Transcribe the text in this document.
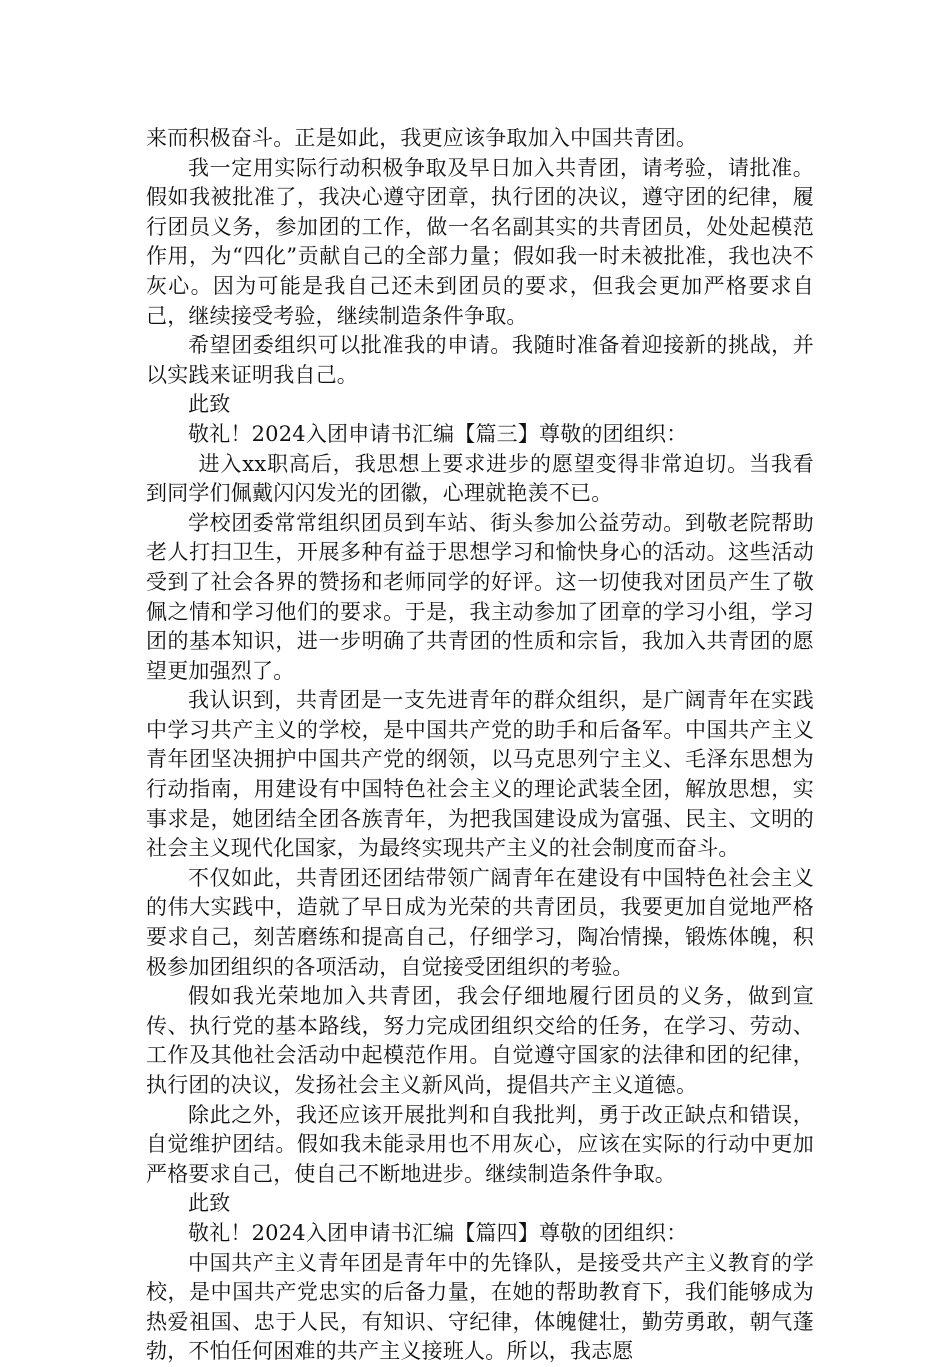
来而积极奋斗。正是如此，我更应该争取加入中国共青团。

我一定用实际行动积极争取及早日加入共青团，请考验，请批准。假如我被批准了，我决心遵守团章，执行团的决议，遵守团的纪律，履行团员义务，参加团的工作，做一名名副其实的共青团员，处处起模范作用，为“四化”贡献自己的全部力量；假如我一时未被批准，我也决不灰心。因为可能是我自己还未到团员的要求，但我会更加严格要求自己，继续接受考验，继续制造条件争取。

希望团委组织可以批准我的申请。我随时准备着迎接新的挑战，并以实践来证明我自己。

此致

敬礼！2024入团申请书汇编【篇三】尊敬的团组织：

进入xx职高后，我思想上要求进步的愿望变得非常迫切。当我看到同学们佩戴闪闪发光的团徽，心理就艳羡不已。

学校团委常常组织团员到车站、街头参加公益劳动。到敬老院帮助老人打扫卫生，开展多种有益于思想学习和愉快身心的活动。这些活动受到了社会各界的赞扬和老师同学的好评。这一切使我对团员产生了敬佩之情和学习他们的要求。于是，我主动参加了团章的学习小组，学习团的基本知识，进一步明确了共青团的性质和宗旨，我加入共青团的愿望更加强烈了。

我认识到，共青团是一支先进青年的群众组织，是广阔青年在实践中学习共产主义的学校，是中国共产党的助手和后备军。中国共产主义青年团坚决拥护中国共产党的纲领，以马克思列宁主义、毛泽东思想为行动指南，用建设有中国特色社会主义的理论武装全团，解放思想，实事求是，她团结全团各族青年，为把我国建设成为富强、民主、文明的社会主义现代化国家，为最终实现共产主义的社会制度而奋斗。

不仅如此，共青团还团结带领广阔青年在建设有中国特色社会主义的伟大实践中，造就了早日成为光荣的共青团员，我要更加自觉地严格要求自己，刻苦磨练和提高自己，仔细学习，陶冶情操，锻炼体魄，积极参加团组织的各项活动，自觉接受团组织的考验。

假如我光荣地加入共青团，我会仔细地履行团员的义务，做到宣传、执行党的基本路线，努力完成团组织交给的任务，在学习、劳动、工作及其他社会活动中起模范作用。自觉遵守国家的法律和团的纪律，执行团的决议，发扬社会主义新风尚，提倡共产主义道德。

除此之外，我还应该开展批判和自我批判，勇于改正缺点和错误，自觉维护团结。假如我未能录用也不用灰心，应该在实际的行动中更加严格要求自己，使自己不断地进步。继续制造条件争取。

此致

敬礼！2024入团申请书汇编【篇四】尊敬的团组织：

中国共产主义青年团是青年中的先锋队，是接受共产主义教育的学校，是中国共产党忠实的后备力量，在她的帮助教育下，我们能够成为热爱祖国、忠于人民，有知识、守纪律，体魄健壮，勤劳勇敢，朝气蓬勃，不怕任何困难的共产主义接班人。所以，我志愿
